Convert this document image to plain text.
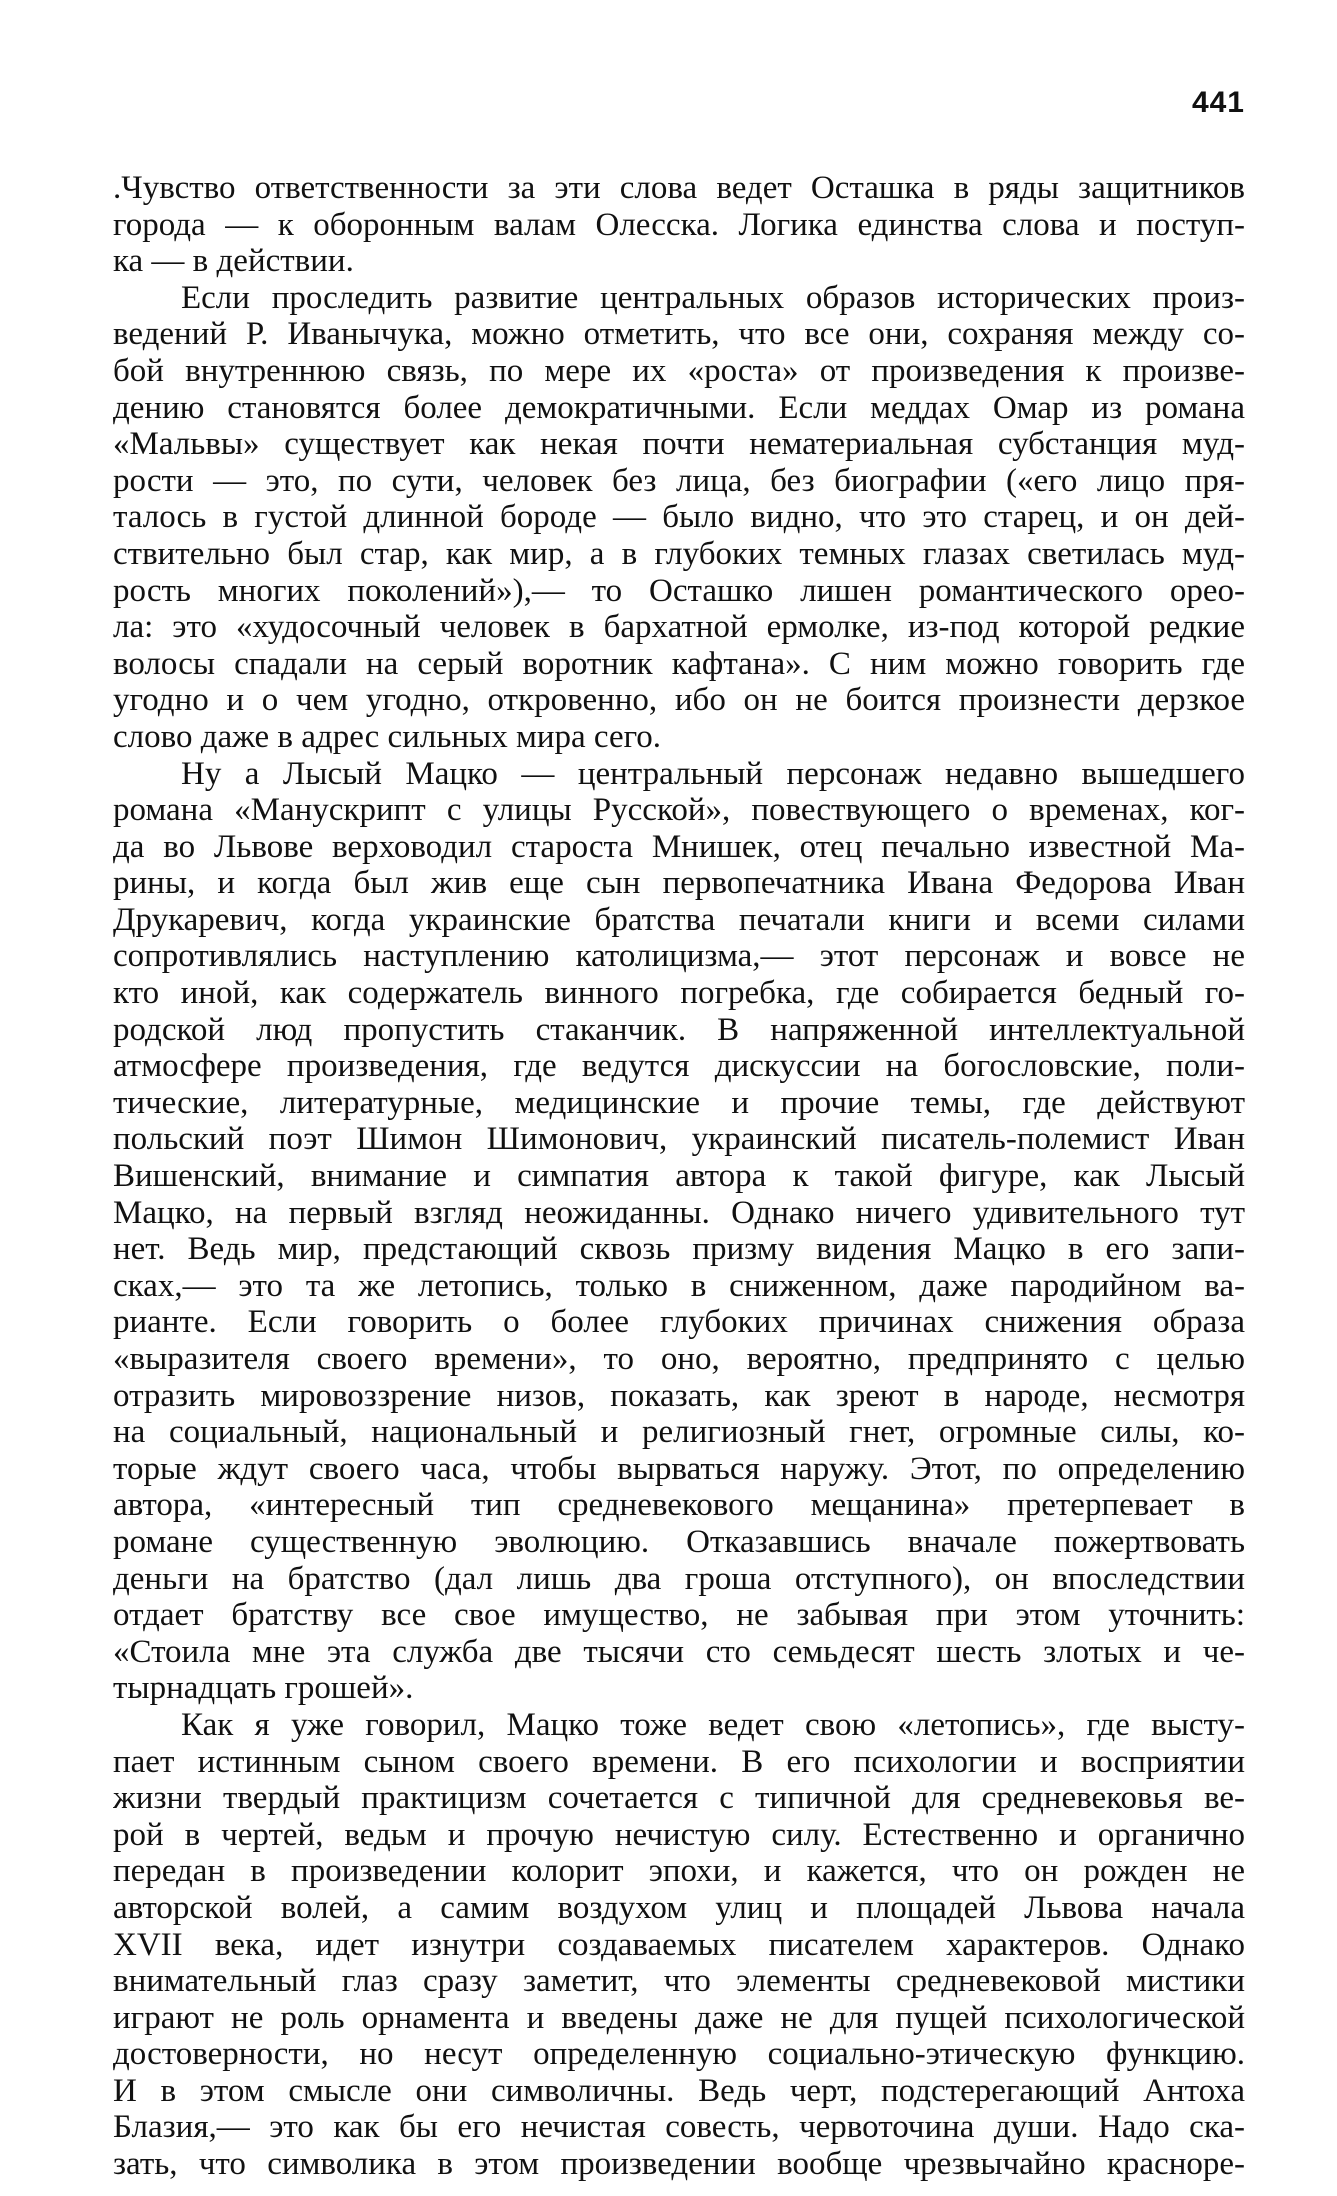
441
.Чувство ответственности за эти слова ведет Осташка в ряды защитников
города — к оборонным валам Олесска. Логика единства слова и поступ-
ка — в действии.
Если проследить развитие центральных образов исторических произ-
ведений Р. Иванычука, можно отметить, что все они, сохраняя между со-
бой внутреннюю связь, по мере их «роста» от произведения к произве-
дению становятся более демократичными. Если меддах Омар из романа
«Мальвы» существует как некая почти нематериальная субстанция муд-
рости — это, по сути, человек без лица, без биографии («его лицо пря-
талось в густой длинной бороде — было видно, что это старец, и он дей-
ствительно был стар, как мир, а в глубоких темных глазах светилась муд-
рость многих поколений»),— то Осташко лишен романтического орео-
ла: это «худосочный человек в бархатной ермолке, из-под которой редкие
волосы спадали на серый воротник кафтана». С ним можно говорить где
угодно и о чем угодно, откровенно, ибо он не боится произнести дерзкое
слово даже в адрес сильных мира сего.
Ну а Лысый Мацко — центральный персонаж недавно вышедшего
романа «Манускрипт с улицы Русской», повествующего о временах, ког-
да во Львове верховодил староста Мнишек, отец печально известной Ма-
рины, и когда был жив еще сын первопечатника Ивана Федорова Иван
Друкаревич, когда украинские братства печатали книги и всеми силами
сопротивлялись наступлению католицизма,— этот персонаж и вовсе не
кто иной, как содержатель винного погребка, где собирается бедный го-
родской люд пропустить стаканчик. В напряженной интеллектуальной
атмосфере произведения, где ведутся дискуссии на богословские, поли-
тические, литературные, медицинские и прочие темы, где действуют
польский поэт Шимон Шимонович, украинский писатель-полемист Иван
Вишенский, внимание и симпатия автора к такой фигуре, как Лысый
Мацко, на первый взгляд неожиданны. Однако ничего удивительного тут
нет. Ведь мир, предстающий сквозь призму видения Мацко в его запи-
сках,— это та же летопись, только в сниженном, даже пародийном ва-
рианте. Если говорить о более глубоких причинах снижения образа
«выразителя своего времени», то оно, вероятно, предпринято с целью
отразить мировоззрение низов, показать, как зреют в народе, несмотря
на социальный, национальный и религиозный гнет, огромные силы, ко-
торые ждут своего часа, чтобы вырваться наружу. Этот, по определению
автора, «интересный тип средневекового мещанина» претерпевает в
романе существенную эволюцию. Отказавшись вначале пожертвовать
деньги на братство (дал лишь два гроша отступного), он впоследствии
отдает братству все свое имущество, не забывая при этом уточнить:
«Стоила мне эта служба две тысячи сто семьдесят шесть злотых и че-
тырнадцать грошей».
Как я уже говорил, Мацко тоже ведет свою «летопись», где высту-
пает истинным сыном своего времени. В его психологии и восприятии
жизни твердый практицизм сочетается с типичной для средневековья ве-
рой в чертей, ведьм и прочую нечистую силу. Естественно и органично
передан в произведении колорит эпохи, и кажется, что он рожден не
авторской волей, а самим воздухом улиц и площадей Львова начала
XVII века, идет изнутри создаваемых писателем характеров. Однако
внимательный глаз сразу заметит, что элементы средневековой мистики
играют не роль орнамента и введены даже не для пущей психологической
достоверности, но несут определенную социально-этическую функцию.
И в этом смысле они символичны. Ведь черт, подстерегающий Антоха
Блазия,— это как бы его нечистая совесть, червоточина души. Надо ска-
зать, что символика в этом произведении вообще чрезвычайно красноре-
